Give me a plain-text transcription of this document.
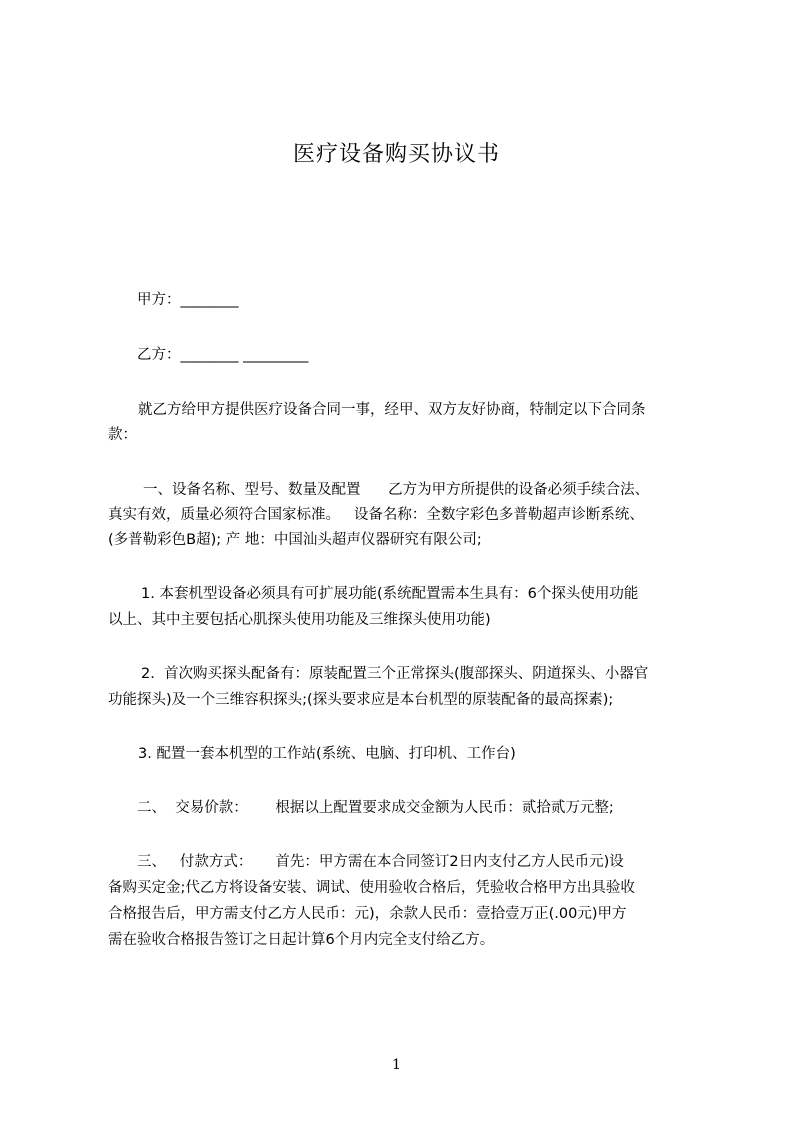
医疗设备购买协议书
甲方：________
乙方：________ _________
就乙方给甲方提供医疗设备合同一事，经甲、双方友好协商，特制定以下合同条
款：
一、设备名称、型号、数量及配置      乙方为甲方所提供的设备必须手续合法、
真实有效，质量必须符合国家标准。   设备名称：全数字彩色多普勒超声诊断系统、
(多普勒彩色B超); 产 地：中国汕头超声仪器研究有限公司;
1. 本套机型设备必须具有可扩展功能(系统配置需本生具有：6个探头使用功能
以上、其中主要包括心肌探头使用功能及三维探头使用功能)
2.  首次购买探头配备有：原装配置三个正常探头(腹部探头、阴道探头、小器官
功能探头)及一个三维容积探头;(探头要求应是本台机型的原装配备的最高探素);
3. 配置一套本机型的工作站(系统、电脑、打印机、工作台)
二、  交易价款：      根据以上配置要求成交金额为人民币：贰拾贰万元整;
三、   付款方式：     首先：甲方需在本合同签订2日内支付乙方人民币元)设
备购买定金;代乙方将设备安装、调试、使用验收合格后，凭验收合格甲方出具验收
合格报告后，甲方需支付乙方人民币：元)，余款人民币：壹拾壹万正(.00元)甲方
需在验收合格报告签订之日起计算6个月内完全支付给乙方。
1
